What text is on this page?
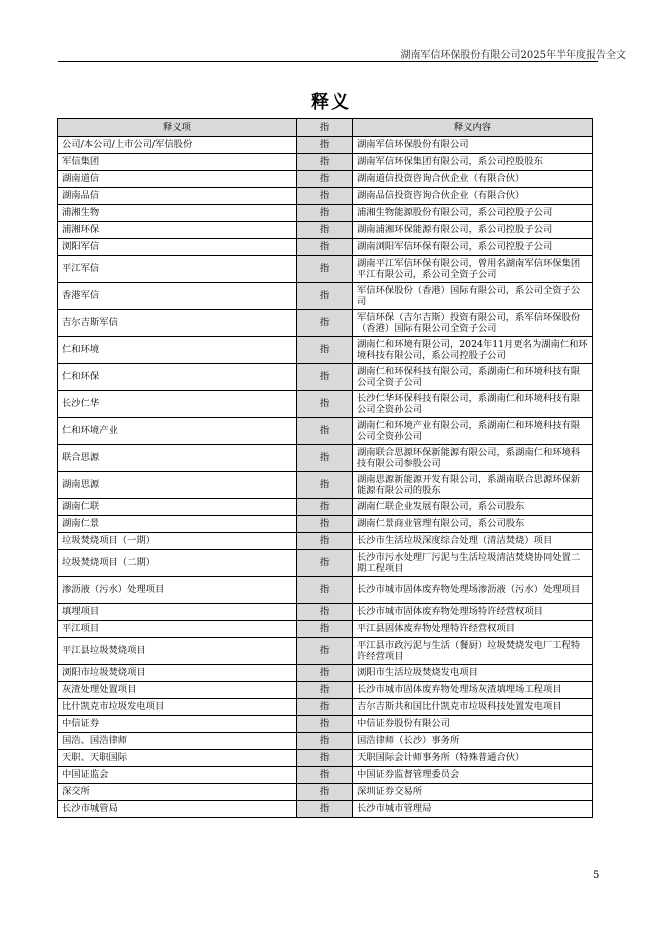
湖南军信环保股份有限公司2025年半年度报告全文
释义
释义项	指	释义内容
公司/本公司/上市公司/军信股份	指	湖南军信环保股份有限公司
军信集团	指	湖南军信环保集团有限公司，系公司控股股东
湖南道信	指	湖南道信投资咨询合伙企业（有限合伙）
湖南品信	指	湖南品信投资咨询合伙企业（有限合伙）
浦湘生物	指	浦湘生物能源股份有限公司，系公司控股子公司
浦湘环保	指	湖南浦湘环保能源有限公司，系公司控股子公司
浏阳军信	指	湖南浏阳军信环保有限公司，系公司控股子公司
平江军信	指	湖南平江军信环保有限公司，曾用名湖南军信环保集团平江有限公司，系公司全资子公司
香港军信	指	军信环保股份（香港）国际有限公司，系公司全资子公司
吉尔吉斯军信	指	军信环保（吉尔吉斯）投资有限公司，系军信环保股份（香港）国际有限公司全资子公司
仁和环境	指	湖南仁和环境有限公司，2024年11月更名为湖南仁和环境科技有限公司，系公司控股子公司
仁和环保	指	湖南仁和环保科技有限公司，系湖南仁和环境科技有限公司全资子公司
长沙仁华	指	长沙仁华环保科技有限公司，系湖南仁和环境科技有限公司全资孙公司
仁和环境产业	指	湖南仁和环境产业有限公司，系湖南仁和环境科技有限公司全资孙公司
联合思源	指	湖南联合思源环保新能源有限公司，系湖南仁和环境科技有限公司参股公司
湖南思源	指	湖南思源新能源开发有限公司，系湖南联合思源环保新能源有限公司的股东
湖南仁联	指	湖南仁联企业发展有限公司，系公司股东
湖南仁景	指	湖南仁景商业管理有限公司，系公司股东
垃圾焚烧项目（一期）	指	长沙市生活垃圾深度综合处理（清洁焚烧）项目
垃圾焚烧项目（二期）	指	长沙市污水处理厂污泥与生活垃圾清洁焚烧协同处置二期工程项目
渗沥液（污水）处理项目	指	长沙市城市固体废弃物处理场渗沥液（污水）处理项目
填埋项目	指	长沙市城市固体废弃物处理场特许经营权项目
平江项目	指	平江县固体废弃物处理特许经营权项目
平江县垃圾焚烧项目	指	平江县市政污泥与生活（餐厨）垃圾焚烧发电厂工程特许经营项目
浏阳市垃圾焚烧项目	指	浏阳市生活垃圾焚烧发电项目
灰渣处理处置项目	指	长沙市城市固体废弃物处理场灰渣填埋场工程项目
比什凯克市垃圾发电项目	指	吉尔吉斯共和国比什凯克市垃圾科技处置发电项目
中信证券	指	中信证券股份有限公司
国浩、国浩律师	指	国浩律师（长沙）事务所
天职、天职国际	指	天职国际会计师事务所（特殊普通合伙）
中国证监会	指	中国证券监督管理委员会
深交所	指	深圳证券交易所
长沙市城管局	指	长沙市城市管理局
5
